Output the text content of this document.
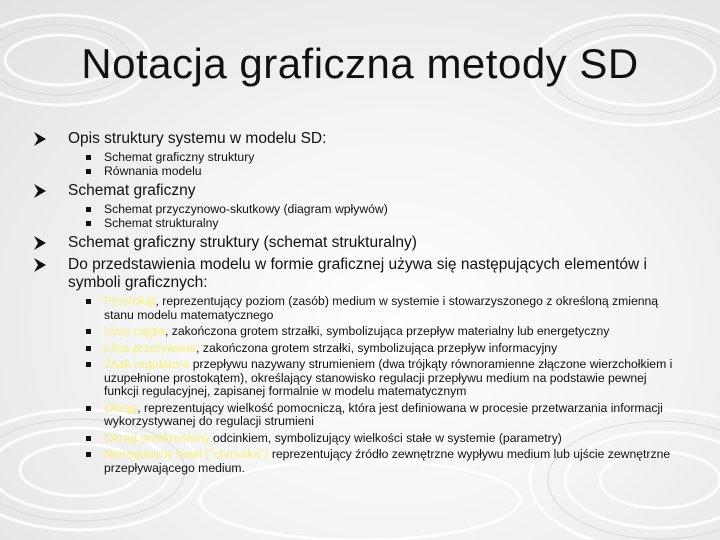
Notacja graficzna metody SD
Opis struktury systemu w modelu SD:
Schemat graficzny struktury
Równania modelu
Schemat graficzny
Schemat przyczynowo-skutkowy (diagram wpływów)
Schemat strukturalny
Schemat graficzny struktury (schemat strukturalny)
Do przedstawienia modelu w formie graficznej używa się następujących elementów i symboli graficznych:
Prostokąt, reprezentujący poziom (zasób) medium w systemie i stowarzyszonego z określoną zmienną stanu modelu matematycznego
Linia ciągła, zakończona grotem strzałki, symbolizująca przepływ materialny lub energetyczny
Linia przerywana, zakończona grotem strzałki, symbolizująca przepływ informacyjny
Znak regulatora przepływu nazywany strumieniem (dwa trójkąty równoramienne złączone wierzchołkiem i uzupełnione prostokątem), określający stanowisko regulacji przepływu medium na podstawie pewnej funkcji regulacyjnej, zapisanej formalnie w modelu matematycznym
Okrąg, reprezentujący wielkość pomocniczą, która jest definiowana w procesie przetwarzania informacji wykorzystywanej do regulacji strumieni
Okrąg przekreślony odcinkiem, symbolizujący wielkości stałe w systemie (parametry)
Nieregularny owal ("chmurka") reprezentujący źródło zewnętrzne wypływu medium lub ujście zewnętrzne przepływającego medium.
